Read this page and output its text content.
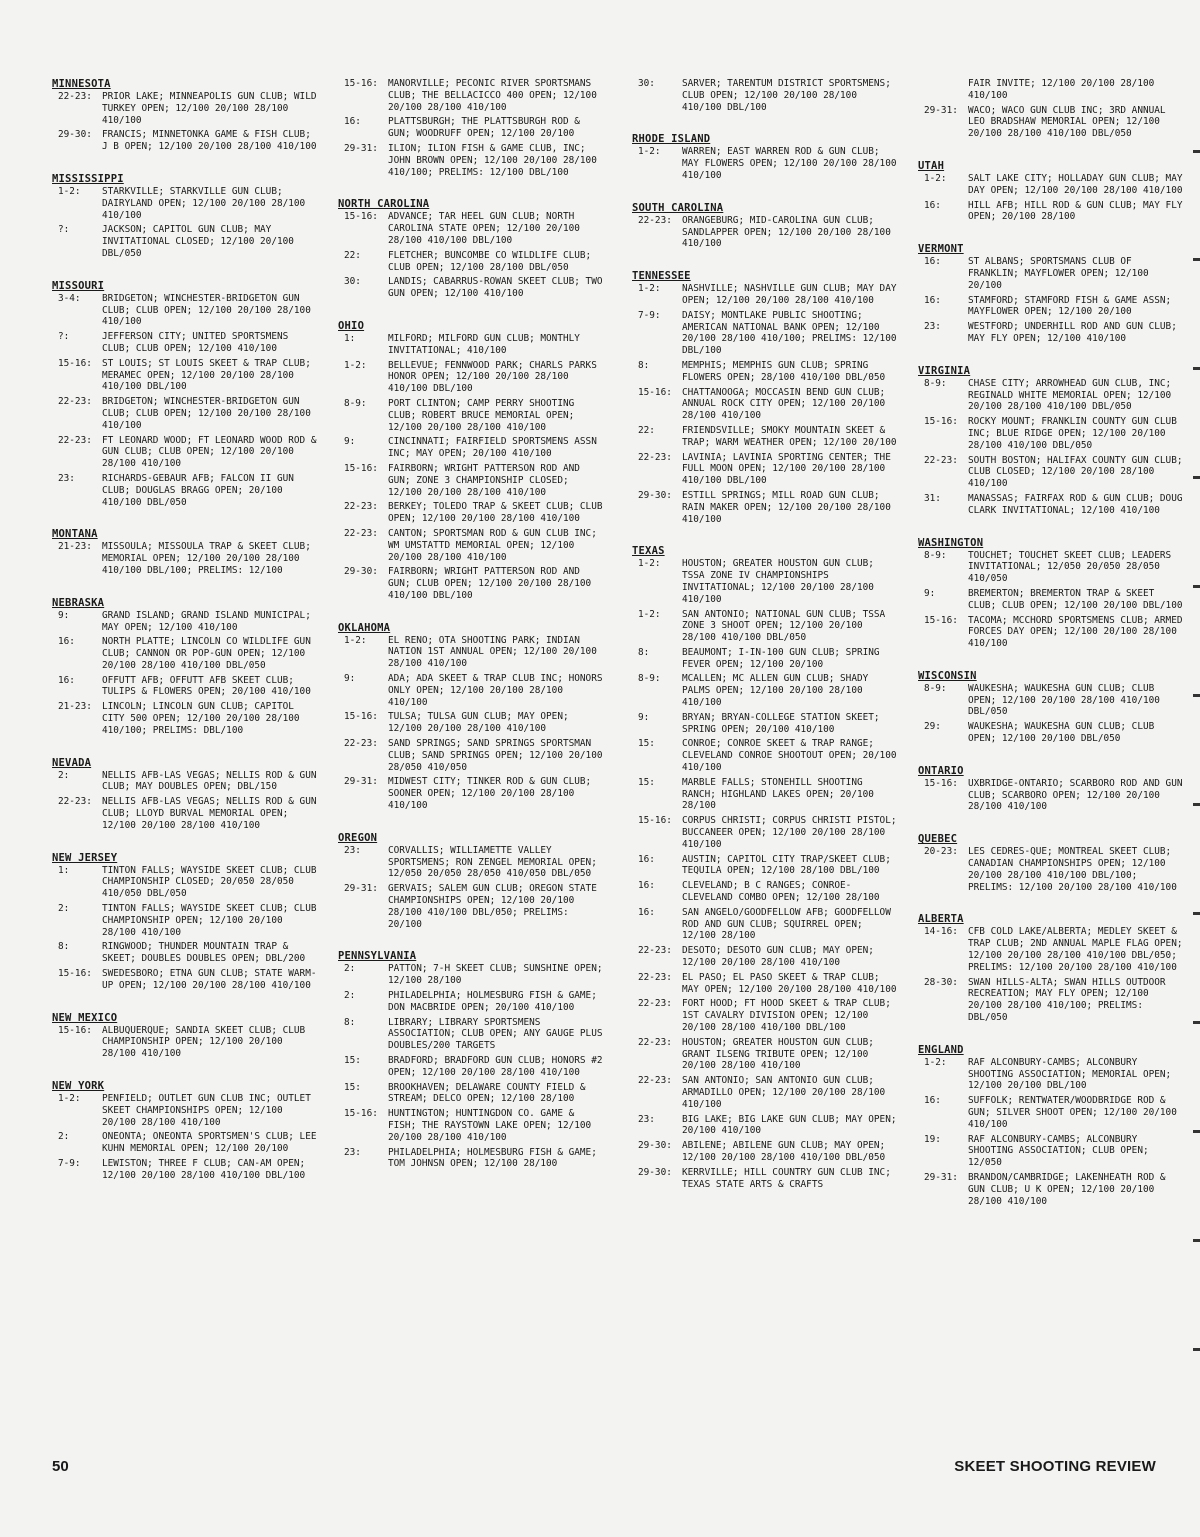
MINNESOTA
22-23:	PRIOR LAKE; MINNEAPOLIS GUN CLUB; WILD TURKEY OPEN; 12/100 20/100 28/100 410/100
29-30:	FRANCIS; MINNETONKA GAME & FISH CLUB; J B OPEN; 12/100 20/100 28/100 410/100
MISSISSIPPI
1-2:	STARKVILLE; STARKVILLE GUN CLUB; DAIRYLAND OPEN; 12/100 20/100 28/100 410/100
?:	JACKSON; CAPITOL GUN CLUB; MAY INVITATIONAL CLOSED; 12/100 20/100 DBL/050
MISSOURI
3-4:	BRIDGETON; WINCHESTER-BRIDGETON GUN CLUB; CLUB OPEN; 12/100 20/100 28/100 410/100
?:	JEFFERSON CITY; UNITED SPORTSMENS CLUB; CLUB OPEN; 12/100 410/100
15-16:	ST LOUIS; ST LOUIS SKEET & TRAP CLUB; MERAMEC OPEN; 12/100 20/100 28/100 410/100 DBL/100
22-23:	BRIDGETON; WINCHESTER-BRIDGETON GUN CLUB; CLUB OPEN; 12/100 20/100 28/100 410/100
22-23:	FT LEONARD WOOD; FT LEONARD WOOD ROD & GUN CLUB; CLUB OPEN; 12/100 20/100 28/100 410/100
23:	RICHARDS-GEBAUR AFB; FALCON II GUN CLUB; DOUGLAS BRAGG OPEN; 20/100 410/100 DBL/050
MONTANA
21-23:	MISSOULA; MISSOULA TRAP & SKEET CLUB; MEMORIAL OPEN; 12/100 20/100 28/100 410/100 DBL/100; PRELIMS: 12/100
NEBRASKA
9:	GRAND ISLAND; GRAND ISLAND MUNICIPAL; MAY OPEN; 12/100 410/100
16:	NORTH PLATTE; LINCOLN CO WILDLIFE GUN CLUB; CANNON OR POP-GUN OPEN; 12/100 20/100 28/100 410/100 DBL/050
16:	OFFUTT AFB; OFFUTT AFB SKEET CLUB; TULIPS & FLOWERS OPEN; 20/100 410/100
21-23:	LINCOLN; LINCOLN GUN CLUB; CAPITOL CITY 500 OPEN; 12/100 20/100 28/100 410/100; PRELIMS: DBL/100
NEVADA
2:	NELLIS AFB-LAS VEGAS; NELLIS ROD & GUN CLUB; MAY DOUBLES OPEN; DBL/150
22-23:	NELLIS AFB-LAS VEGAS; NELLIS ROD & GUN CLUB; LLOYD BURVAL MEMORIAL OPEN; 12/100 20/100 28/100 410/100
NEW JERSEY
1:	TINTON FALLS; WAYSIDE SKEET CLUB; CLUB CHAMPIONSHIP CLOSED; 20/050 28/050 410/050 DBL/050
2:	TINTON FALLS; WAYSIDE SKEET CLUB; CLUB CHAMPIONSHIP OPEN; 12/100 20/100 28/100 410/100
8:	RINGWOOD; THUNDER MOUNTAIN TRAP & SKEET; DOUBLES DOUBLES OPEN; DBL/200
15-16:	SWEDESBORO; ETNA GUN CLUB; STATE WARM-UP OPEN; 12/100 20/100 28/100 410/100
NEW MEXICO
15-16:	ALBUQUERQUE; SANDIA SKEET CLUB; CLUB CHAMPIONSHIP OPEN; 12/100 20/100 28/100 410/100
NEW YORK
1-2:	PENFIELD; OUTLET GUN CLUB INC; OUTLET SKEET CHAMPIONSHIPS OPEN; 12/100 20/100 28/100 410/100
2:	ONEONTA; ONEONTA SPORTSMEN'S CLUB; LEE KUHN MEMORIAL OPEN; 12/100 20/100
7-9:	LEWISTON; THREE F CLUB; CAN-AM OPEN; 12/100 20/100 28/100 410/100 DBL/100
15-16:	MANORVILLE; PECONIC RIVER SPORTSMANS CLUB; THE BELLACICCO 400 OPEN; 12/100 20/100 28/100 410/100
16:	PLATTSBURGH; THE PLATTSBURGH ROD & GUN; WOODRUFF OPEN; 12/100 20/100
29-31:	ILION; ILION FISH & GAME CLUB, INC; JOHN BROWN OPEN; 12/100 20/100 28/100 410/100; PRELIMS: 12/100 DBL/100
NORTH CAROLINA
15-16:	ADVANCE; TAR HEEL GUN CLUB; NORTH CAROLINA STATE OPEN; 12/100 20/100 28/100 410/100 DBL/100
22:	FLETCHER; BUNCOMBE CO WILDLIFE CLUB; CLUB OPEN; 12/100 28/100 DBL/050
30:	LANDIS; CABARRUS-ROWAN SKEET CLUB; TWO GUN OPEN; 12/100 410/100
OHIO
1:	MILFORD; MILFORD GUN CLUB; MONTHLY INVITATIONAL; 410/100
1-2:	BELLEVUE; FENNWOOD PARK; CHARLS PARKS HONOR OPEN; 12/100 20/100 28/100 410/100 DBL/100
8-9:	PORT CLINTON; CAMP PERRY SHOOTING CLUB; ROBERT BRUCE MEMORIAL OPEN; 12/100 20/100 28/100 410/100
9:	CINCINNATI; FAIRFIELD SPORTSMENS ASSN INC; MAY OPEN; 20/100 410/100
15-16:	FAIRBORN; WRIGHT PATTERSON ROD AND GUN; ZONE 3 CHAMPIONSHIP CLOSED; 12/100 20/100 28/100 410/100
22-23:	BERKEY; TOLEDO TRAP & SKEET CLUB; CLUB OPEN; 12/100 20/100 28/100 410/100
22-23:	CANTON; SPORTSMAN ROD & GUN CLUB INC; WM UMSTATTD MEMORIAL OPEN; 12/100 20/100 28/100 410/100
29-30:	FAIRBORN; WRIGHT PATTERSON ROD AND GUN; CLUB OPEN; 12/100 20/100 28/100 410/100 DBL/100
OKLAHOMA
1-2:	EL RENO; OTA SHOOTING PARK; INDIAN NATION 1ST ANNUAL OPEN; 12/100 20/100 28/100 410/100
9:	ADA; ADA SKEET & TRAP CLUB INC; HONORS ONLY OPEN; 12/100 20/100 28/100 410/100
15-16:	TULSA; TULSA GUN CLUB; MAY OPEN; 12/100 20/100 28/100 410/100
22-23:	SAND SPRINGS; SAND SPRINGS SPORTSMAN CLUB; SAND SPRINGS OPEN; 12/100 20/100 28/050 410/050
29-31:	MIDWEST CITY; TINKER ROD & GUN CLUB; SOONER OPEN; 12/100 20/100 28/100 410/100
OREGON
23:	CORVALLIS; WILLIAMETTE VALLEY SPORTSMENS; RON ZENGEL MEMORIAL OPEN; 12/050 20/050 28/050 410/050 DBL/050
29-31:	GERVAIS; SALEM GUN CLUB; OREGON STATE CHAMPIONSHIPS OPEN; 12/100 20/100 28/100 410/100 DBL/050; PRELIMS: 20/100
PENNSYLVANIA
2:	PATTON; 7-H SKEET CLUB; SUNSHINE OPEN; 12/100 28/100
2:	PHILADELPHIA; HOLMESBURG FISH & GAME; DON MACBRIDE OPEN; 20/100 410/100
8:	LIBRARY; LIBRARY SPORTSMENS ASSOCIATION; CLUB OPEN; ANY GAUGE PLUS DOUBLES/200 TARGETS
15:	BRADFORD; BRADFORD GUN CLUB; HONORS #2 OPEN; 12/100 20/100 28/100 410/100
15:	BROOKHAVEN; DELAWARE COUNTY FIELD & STREAM; DELCO OPEN; 12/100 28/100
15-16:	HUNTINGTON; HUNTINGDON CO. GAME & FISH; THE RAYSTOWN LAKE OPEN; 12/100 20/100 28/100 410/100
23:	PHILADELPHIA; HOLMESBURG FISH & GAME; TOM JOHNSN OPEN; 12/100 28/100
30:	SARVER; TARENTUM DISTRICT SPORTSMENS; CLUB OPEN; 12/100 20/100 28/100 410/100 DBL/100
RHODE ISLAND
1-2:	WARREN; EAST WARREN ROD & GUN CLUB; MAY FLOWERS OPEN; 12/100 20/100 28/100 410/100
SOUTH CAROLINA
22-23:	ORANGEBURG; MID-CAROLINA GUN CLUB; SANDLAPPER OPEN; 12/100 20/100 28/100 410/100
TENNESSEE
1-2:	NASHVILLE; NASHVILLE GUN CLUB; MAY DAY OPEN; 12/100 20/100 28/100 410/100
7-9:	DAISY; MONTLAKE PUBLIC SHOOTING; AMERICAN NATIONAL BANK OPEN; 12/100 20/100 28/100 410/100; PRELIMS: 12/100 DBL/100
8:	MEMPHIS; MEMPHIS GUN CLUB; SPRING FLOWERS OPEN; 28/100 410/100 DBL/050
15-16:	CHATTANOOGA; MOCCASIN BEND GUN CLUB; ANNUAL ROCK CITY OPEN; 12/100 20/100 28/100 410/100
22:	FRIENDSVILLE; SMOKY MOUNTAIN SKEET & TRAP; WARM WEATHER OPEN; 12/100 20/100
22-23:	LAVINIA; LAVINIA SPORTING CENTER; THE FULL MOON OPEN; 12/100 20/100 28/100 410/100 DBL/100
29-30:	ESTILL SPRINGS; MILL ROAD GUN CLUB; RAIN MAKER OPEN; 12/100 20/100 28/100 410/100
TEXAS
1-2:	HOUSTON; GREATER HOUSTON GUN CLUB; TSSA ZONE IV CHAMPIONSHIPS INVITATIONAL; 12/100 20/100 28/100 410/100
1-2:	SAN ANTONIO; NATIONAL GUN CLUB; TSSA ZONE 3 SHOOT OPEN; 12/100 20/100 28/100 410/100 DBL/050
8:	BEAUMONT; I-IN-100 GUN CLUB; SPRING FEVER OPEN; 12/100 20/100
8-9:	MCALLEN; MC ALLEN GUN CLUB; SHADY PALMS OPEN; 12/100 20/100 28/100 410/100
9:	BRYAN; BRYAN-COLLEGE STATION SKEET; SPRING OPEN; 20/100 410/100
15:	CONROE; CONROE SKEET & TRAP RANGE; CLEVELAND CONROE SHOOTOUT OPEN; 20/100 410/100
15:	MARBLE FALLS; STONEHILL SHOOTING RANCH; HIGHLAND LAKES OPEN; 20/100 28/100
15-16:	CORPUS CHRISTI; CORPUS CHRISTI PISTOL; BUCCANEER OPEN; 12/100 20/100 28/100 410/100
16:	AUSTIN; CAPITOL CITY TRAP/SKEET CLUB; TEQUILA OPEN; 12/100 28/100 DBL/100
16:	CLEVELAND; B C RANGES; CONROE-CLEVELAND COMBO OPEN; 12/100 28/100
16:	SAN ANGELO/GOODFELLOW AFB; GOODFELLOW ROD AND GUN CLUB; SQUIRREL OPEN; 12/100 28/100
22-23:	DESOTO; DESOTO GUN CLUB; MAY OPEN; 12/100 20/100 28/100 410/100
22-23:	EL PASO; EL PASO SKEET & TRAP CLUB; MAY OPEN; 12/100 20/100 28/100 410/100
22-23:	FORT HOOD; FT HOOD SKEET & TRAP CLUB; 1ST CAVALRY DIVISION OPEN; 12/100 20/100 28/100 410/100 DBL/100
22-23:	HOUSTON; GREATER HOUSTON GUN CLUB; GRANT ILSENG TRIBUTE OPEN; 12/100 20/100 28/100 410/100
22-23:	SAN ANTONIO; SAN ANTONIO GUN CLUB; ARMADILLO OPEN; 12/100 20/100 28/100 410/100
23:	BIG LAKE; BIG LAKE GUN CLUB; MAY OPEN; 20/100 410/100
29-30:	ABILENE; ABILENE GUN CLUB; MAY OPEN; 12/100 20/100 28/100 410/100 DBL/050
29-30:	KERRVILLE; HILL COUNTRY GUN CLUB INC; TEXAS STATE ARTS & CRAFTS
FAIR INVITE; 12/100 20/100 28/100 410/100
29-31:	WACO; WACO GUN CLUB INC; 3RD ANNUAL LEO BRADSHAW MEMORIAL OPEN; 12/100 20/100 28/100 410/100 DBL/050
UTAH
1-2:	SALT LAKE CITY; HOLLADAY GUN CLUB; MAY DAY OPEN; 12/100 20/100 28/100 410/100
16:	HILL AFB; HILL ROD & GUN CLUB; MAY FLY OPEN; 20/100 28/100
VERMONT
16:	ST ALBANS; SPORTSMANS CLUB OF FRANKLIN; MAYFLOWER OPEN; 12/100 20/100
16:	STAMFORD; STAMFORD FISH & GAME ASSN; MAYFLOWER OPEN; 12/100 20/100
23:	WESTFORD; UNDERHILL ROD AND GUN CLUB; MAY FLY OPEN; 12/100 410/100
VIRGINIA
8-9:	CHASE CITY; ARROWHEAD GUN CLUB, INC; REGINALD WHITE MEMORIAL OPEN; 12/100 20/100 28/100 410/100 DBL/050
15-16:	ROCKY MOUNT; FRANKLIN COUNTY GUN CLUB INC; BLUE RIDGE OPEN; 12/100 20/100 28/100 410/100 DBL/050
22-23:	SOUTH BOSTON; HALIFAX COUNTY GUN CLUB; CLUB CLOSED; 12/100 20/100 28/100 410/100
31:	MANASSAS; FAIRFAX ROD & GUN CLUB; DOUG CLARK INVITATIONAL; 12/100 410/100
WASHINGTON
8-9:	TOUCHET; TOUCHET SKEET CLUB; LEADERS INVITATIONAL; 12/050 20/050 28/050 410/050
9:	BREMERTON; BREMERTON TRAP & SKEET CLUB; CLUB OPEN; 12/100 20/100 DBL/100
15-16:	TACOMA; MCCHORD SPORTSMENS CLUB; ARMED FORCES DAY OPEN; 12/100 20/100 28/100 410/100
WISCONSIN
8-9:	WAUKESHA; WAUKESHA GUN CLUB; CLUB OPEN; 12/100 20/100 28/100 410/100 DBL/050
29:	WAUKESHA; WAUKESHA GUN CLUB; CLUB OPEN; 12/100 20/100 DBL/050
ONTARIO
15-16:	UXBRIDGE-ONTARIO; SCARBORO ROD AND GUN CLUB; SCARBORO OPEN; 12/100 20/100 28/100 410/100
QUEBEC
20-23:	LES CEDRES-QUE; MONTREAL SKEET CLUB; CANADIAN CHAMPIONSHIPS OPEN; 12/100 20/100 28/100 410/100 DBL/100; PRELIMS: 12/100 20/100 28/100 410/100
ALBERTA
14-16:	CFB COLD LAKE/ALBERTA; MEDLEY SKEET & TRAP CLUB; 2ND ANNUAL MAPLE FLAG OPEN; 12/100 20/100 28/100 410/100 DBL/050; PRELIMS: 12/100 20/100 28/100 410/100
28-30:	SWAN HILLS-ALTA; SWAN HILLS OUTDOOR RECREATION; MAY FLY OPEN; 12/100 20/100 28/100 410/100; PRELIMS: DBL/050
ENGLAND
1-2:	RAF ALCONBURY-CAMBS; ALCONBURY SHOOTING ASSOCIATION; MEMORIAL OPEN; 12/100 20/100 DBL/100
16:	SUFFOLK; RENTWATER/WOODBRIDGE ROD & GUN; SILVER SHOOT OPEN; 12/100 20/100 410/100
19:	RAF ALCONBURY-CAMBS; ALCONBURY SHOOTING ASSOCIATION; CLUB OPEN; 12/050
29-31:	BRANDON/CAMBRIDGE; LAKENHEATH ROD & GUN CLUB; U K OPEN; 12/100 20/100 28/100 410/100
50	SKEET SHOOTING REVIEW
